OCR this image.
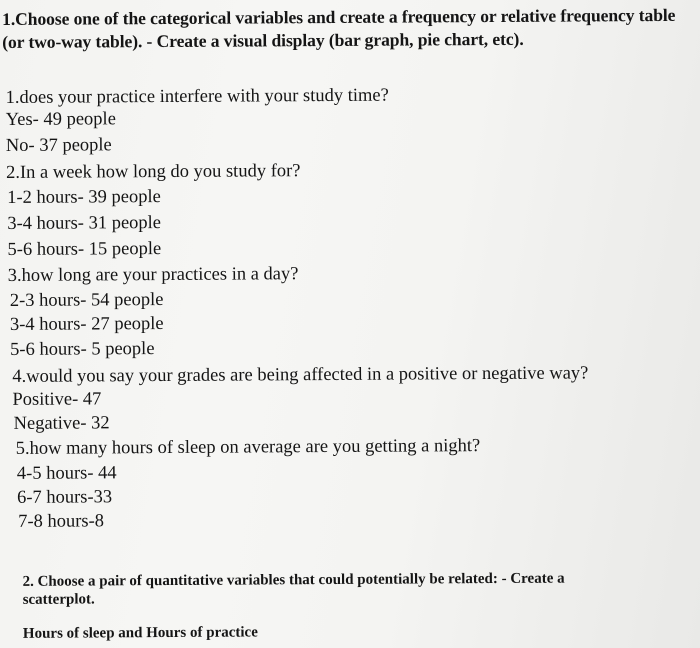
1.Choose one of the categorical variables and create a frequency or relative frequency table (or two-way table). - Create a visual display (bar graph, pie chart, etc).
1.does your practice interfere with your study time?
Yes- 49 people
No- 37 people
2.In a week how long do you study for?
1-2 hours- 39 people
3-4 hours- 31 people
5-6 hours- 15 people
3.how long are your practices in a day?
2-3 hours- 54 people
3-4 hours- 27 people
5-6 hours- 5 people
4.would you say your grades are being affected in a positive or negative way?
Positive- 47
Negative- 32
5.how many hours of sleep on average are you getting a night?
4-5 hours- 44
6-7 hours-33
7-8 hours-8
2. Choose a pair of quantitative variables that could potentially be related: - Create a
scatterplot.
Hours of sleep and Hours of practice
